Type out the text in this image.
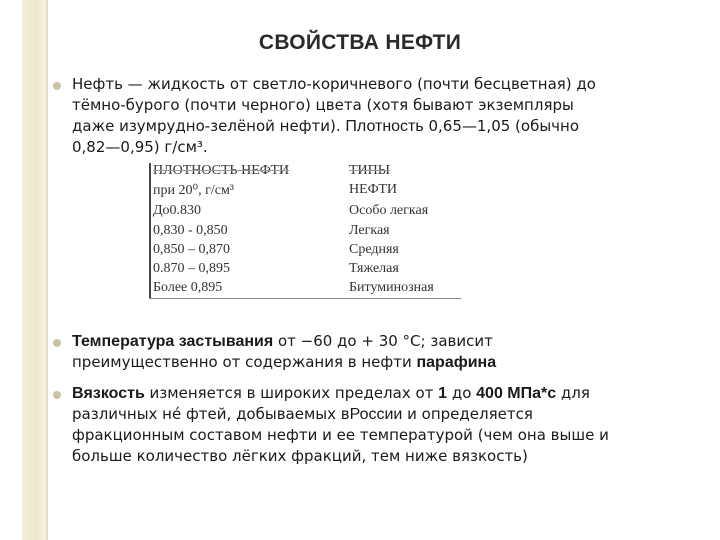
СВОЙСТВА НЕФТИ
Нефть — жидкость от светло-коричневого (почти бесцветная) до
тёмно-бурого (почти черного) цвета (хотя бывают экземпляры
даже изумрудно-зелёной нефти). Плотность 0,65—1,05 (обычно
0,82—0,95) г/см³.
ПЛОТНОСТЬ НЕФТИ	ТИПЫ
при 20⁰, г/см³	НЕФТИ
До0.830	Особо легкая
0,830 - 0,850	Легкая
0,850 – 0,870	Средняя
0.870 – 0,895	Тяжелая
Более 0,895	Битуминозная
Температура застывания от −60 до + 30 °C; зависит
преимущественно от содержания в нефти парафина
Вязкость изменяется в широких пределах от 1 до 400 МПа*с для
различных не́ фтей, добываемых вРоссии и определяется
фракционным составом нефти и ее температурой (чем она выше и
больше количество лёгких фракций, тем ниже вязкость)
